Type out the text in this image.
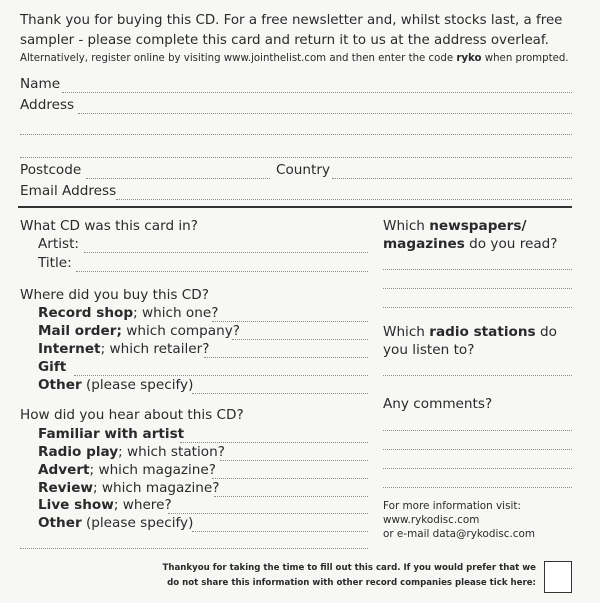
Thank you for buying this CD. For a free newsletter and, whilst stocks last, a free
sampler - please complete this card and return it to us at the address overleaf.
Alternatively, register online by visiting www.jointhelist.com and then enter the code ryko when prompted.
Name
Address
Postcode	Country
Email Address
What CD was this card in?
Artist:
Title:
Where did you buy this CD?
Record shop; which one?
Mail order; which company?
Internet; which retailer?
Gift
Other (please specify)
How did you hear about this CD?
Familiar with artist
Radio play; which station?
Advert; which magazine?
Review; which magazine?
Live show; where?
Other (please specify)
Which newspapers/
magazines do you read?
Which radio stations do
you listen to?
Any comments?
For more information visit:
www.rykodisc.com
or e-mail data@rykodisc.com
Thankyou for taking the time to fill out this card. If you would prefer that we
do not share this information with other record companies please tick here:
